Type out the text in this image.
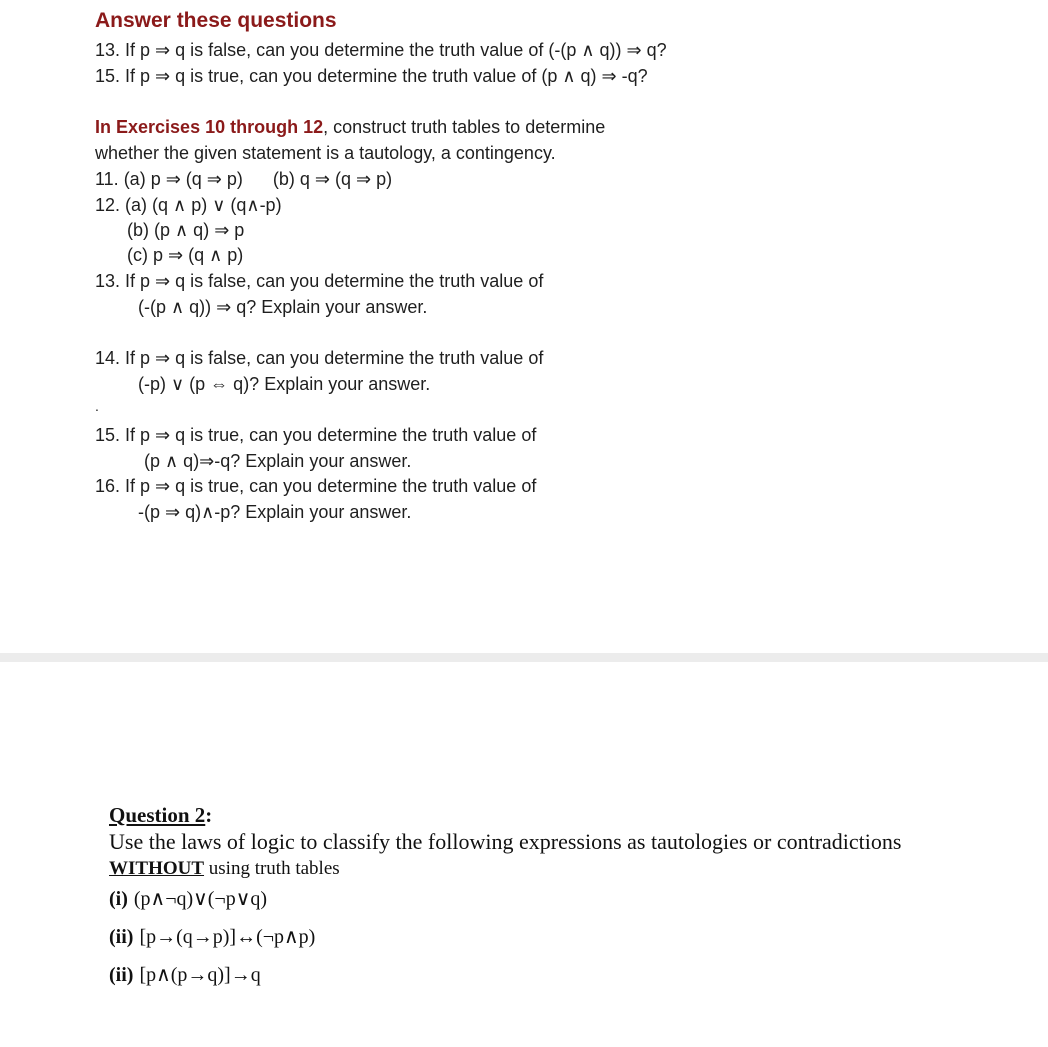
Answer these questions
13. If p ⇒ q is false, can you determine the truth value of (-(p ∧ q)) ⇒ q?
15. If p ⇒ q is true, can you determine the truth value of (p ∧ q) ⇒ -q?
In Exercises 10 through 12, construct truth tables to determine
whether the given statement is a tautology, a contingency.
11. (a) p ⇒ (q ⇒ p)      (b) q ⇒ (q ⇒ p)
12. (a) (q ∧ p) ∨ (q∧-p)
(b) (p ∧ q) ⇒ p
(c) p ⇒ (q ∧ p)
13. If p ⇒ q is false, can you determine the truth value of
(-(p ∧ q)) ⇒ q? Explain your answer.
14. If p ⇒ q is false, can you determine the truth value of
(-p) ∨ (p ⇔ q)? Explain your answer.
.
15. If p ⇒ q is true, can you determine the truth value of
(p ∧ q)⇒-q? Explain your answer.
16. If p ⇒ q is true, can you determine the truth value of
-(p ⇒ q)∧-p? Explain your answer.
Question 2:
Use the laws of logic to classify the following expressions as tautologies or contradictions
WITHOUT using truth tables
(i) (p∧¬q)∨(¬p∨q)
(ii) [p→(q→p)]↔(¬p∧p)
(ii) [p∧(p→q)]→q
